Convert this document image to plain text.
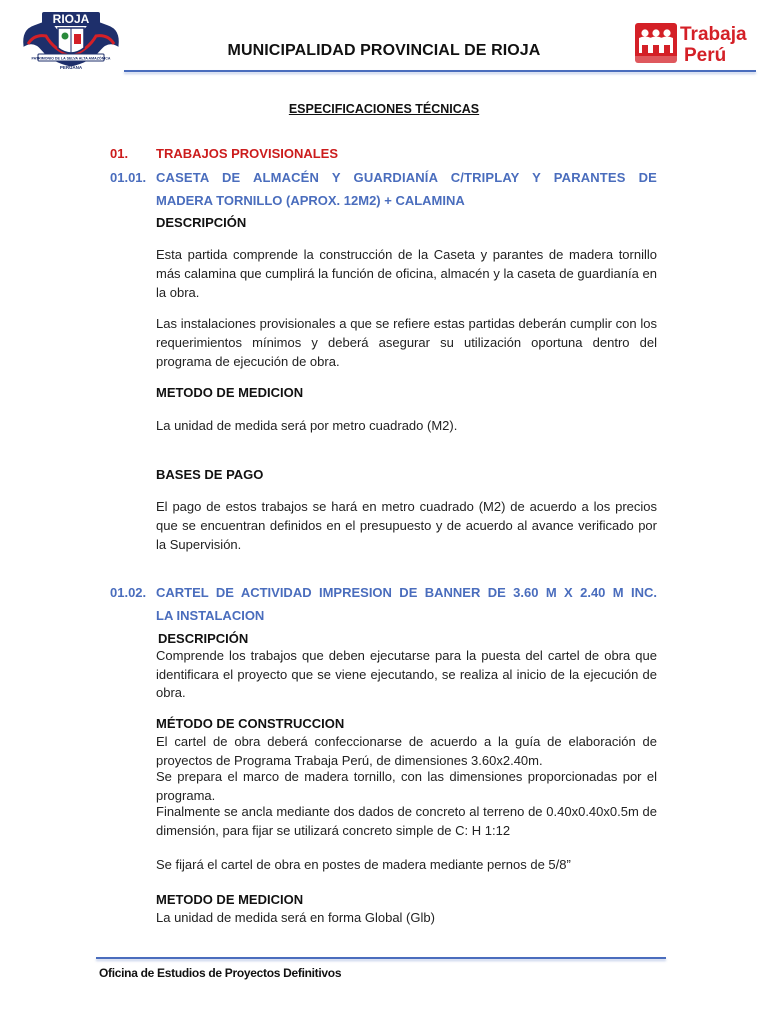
RIOJA
PATRIMONIO DE LA SELVA ALTA AMAZÓNICA
PERUANA
MUNICIPALIDAD PROVINCIAL DE RIOJA
Trabaja
Perú
ESPECIFICACIONES TÉCNICAS
01. TRABAJOS PROVISIONALES
01.01. CASETA DE ALMACÉN Y GUARDIANÍA C/TRIPLAY Y PARANTES DE
MADERA TORNILLO (APROX. 12M2) + CALAMINA
DESCRIPCIÓN
Esta partida comprende la construcción de la Caseta y parantes de madera tornillo más calamina que cumplirá la función de oficina, almacén y la caseta de guardianía en la obra.
Las instalaciones provisionales a que se refiere estas partidas deberán cumplir con los requerimientos mínimos y deberá asegurar su utilización oportuna dentro del programa de ejecución de obra.
METODO DE MEDICION
La unidad de medida será por metro cuadrado (M2).
BASES DE PAGO
El pago de estos trabajos se hará en metro cuadrado (M2) de acuerdo a los precios que se encuentran definidos en el presupuesto y de acuerdo al avance verificado por la Supervisión.
01.02. CARTEL DE ACTIVIDAD IMPRESION DE BANNER DE 3.60 M X 2.40 M INC.
LA INSTALACION
DESCRIPCIÓN
Comprende los trabajos que deben ejecutarse para la puesta del cartel de obra que identificara el proyecto que se viene ejecutando, se realiza al inicio de la ejecución de obra.
MÉTODO DE CONSTRUCCION
El cartel de obra deberá confeccionarse de acuerdo a la guía de elaboración de proyectos de Programa Trabaja Perú, de dimensiones 3.60x2.40m.
Se prepara el marco de madera tornillo, con las dimensiones proporcionadas por el programa.
Finalmente se ancla mediante dos dados de concreto al terreno de 0.40x0.40x0.5m de dimensión, para fijar se utilizará concreto simple de C: H 1:12
Se fijará el cartel de obra en postes de madera mediante pernos de 5/8”
METODO DE MEDICION
La unidad de medida será en forma Global (Glb)
Oficina de Estudios de Proyectos Definitivos
